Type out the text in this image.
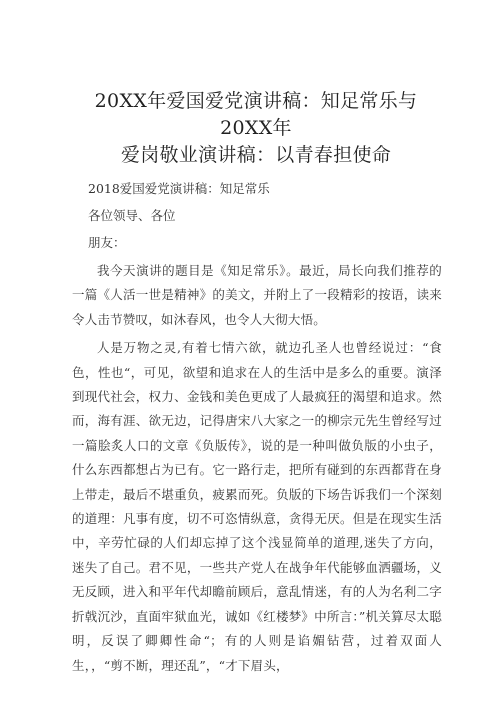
20XX年爱国爱党演讲稿：知足常乐与20XX年
爱岗敬业演讲稿：以青春担使命
2018爱国爱党演讲稿：知足常乐
各位领导、各位
朋友：

我今天演讲的题目是《知足常乐》。最近，局长向我们推荐的一篇《人活一世是精神》的美文，并附上了一段精彩的按语，读来令人击节赞叹，如沐春风，也令人大彻大悟。

人是万物之灵,有着七情六欲，就边孔圣人也曾经说过：“食色，性也“，可见，欲望和追求在人的生活中是多么的重要。演泽到现代社会，权力、金钱和美色更成了人最疯狂的渴望和追求。然而，海有涯、欲无边，记得唐宋八大家之一的柳宗元先生曾经写过一篇脍炙人口的文章《负版传》，说的是一种叫做负版的小虫子，什么东西都想占为已有。它一路行走，把所有碰到的东西都背在身上带走，最后不堪重负，疲累而死。负版的下场告诉我们一个深刻的道理：凡事有度，切不可恣情纵意，贪得无厌。但是在现实生活中，辛劳忙碌的人们却忘掉了这个浅显简单的道理,迷失了方向，迷失了自己。君不见，一些共产党人在战争年代能够血洒疆场，义无反顾，进入和平年代却瞻前顾后，意乱情迷，有的人为名利二字折戟沉沙，直面牢狱血光，诚如《红楼梦》中所言：”机关算尽太聪明，反误了卿卿性命“；有的人则是谄媚钻营，过着双面人生，，“剪不断，理还乱”，“才下眉头，
